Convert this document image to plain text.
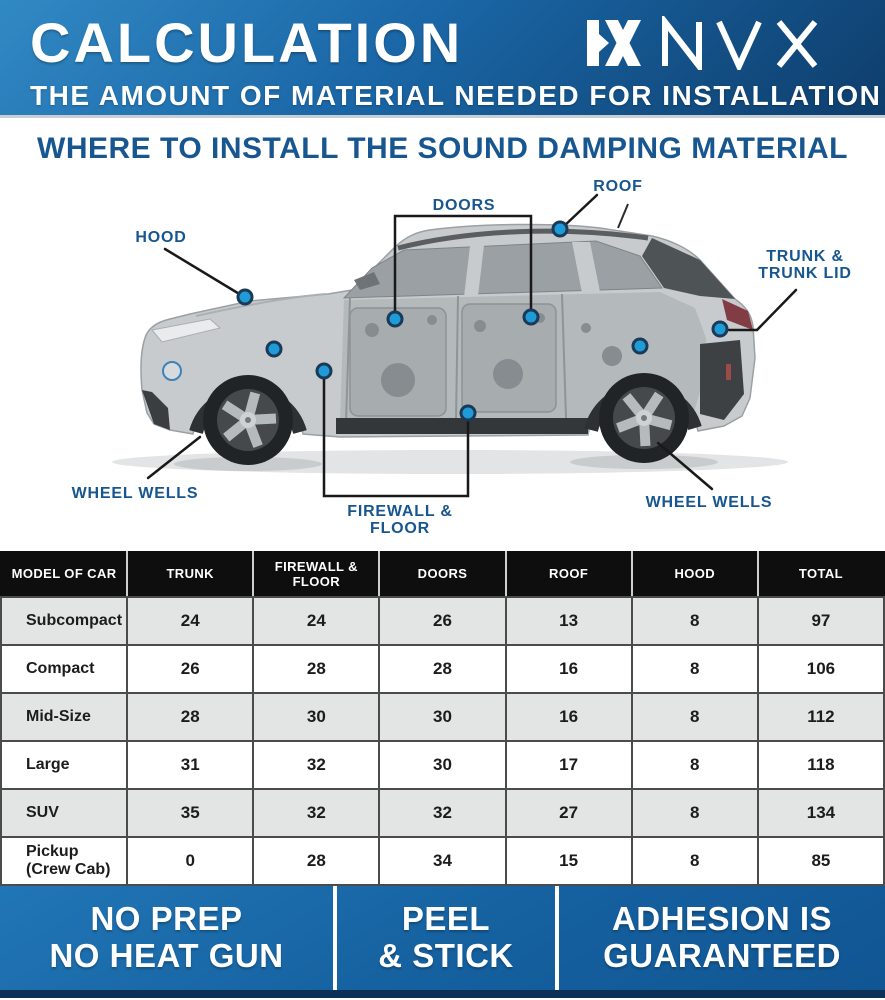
CALCULATION
THE AMOUNT OF MATERIAL NEEDED FOR INSTALLATION
WHERE TO INSTALL THE SOUND DAMPING MATERIAL
HOOD
DOORS
ROOF
TRUNK &
TRUNK LID
WHEEL WELLS
FIREWALL &
FLOOR
WHEEL WELLS
MODEL OF CAR	TRUNK	FIREWALL & FLOOR	DOORS	ROOF	HOOD	TOTAL
Subcompact	24	24	26	13	8	97
Compact	26	28	28	16	8	106
Mid-Size	28	30	30	16	8	112
Large	31	32	30	17	8	118
SUV	35	32	32	27	8	134
Pickup (Crew Cab)	0	28	34	15	8	85
NO PREP
NO HEAT GUN
PEEL
& STICK
ADHESION IS
GUARANTEED
